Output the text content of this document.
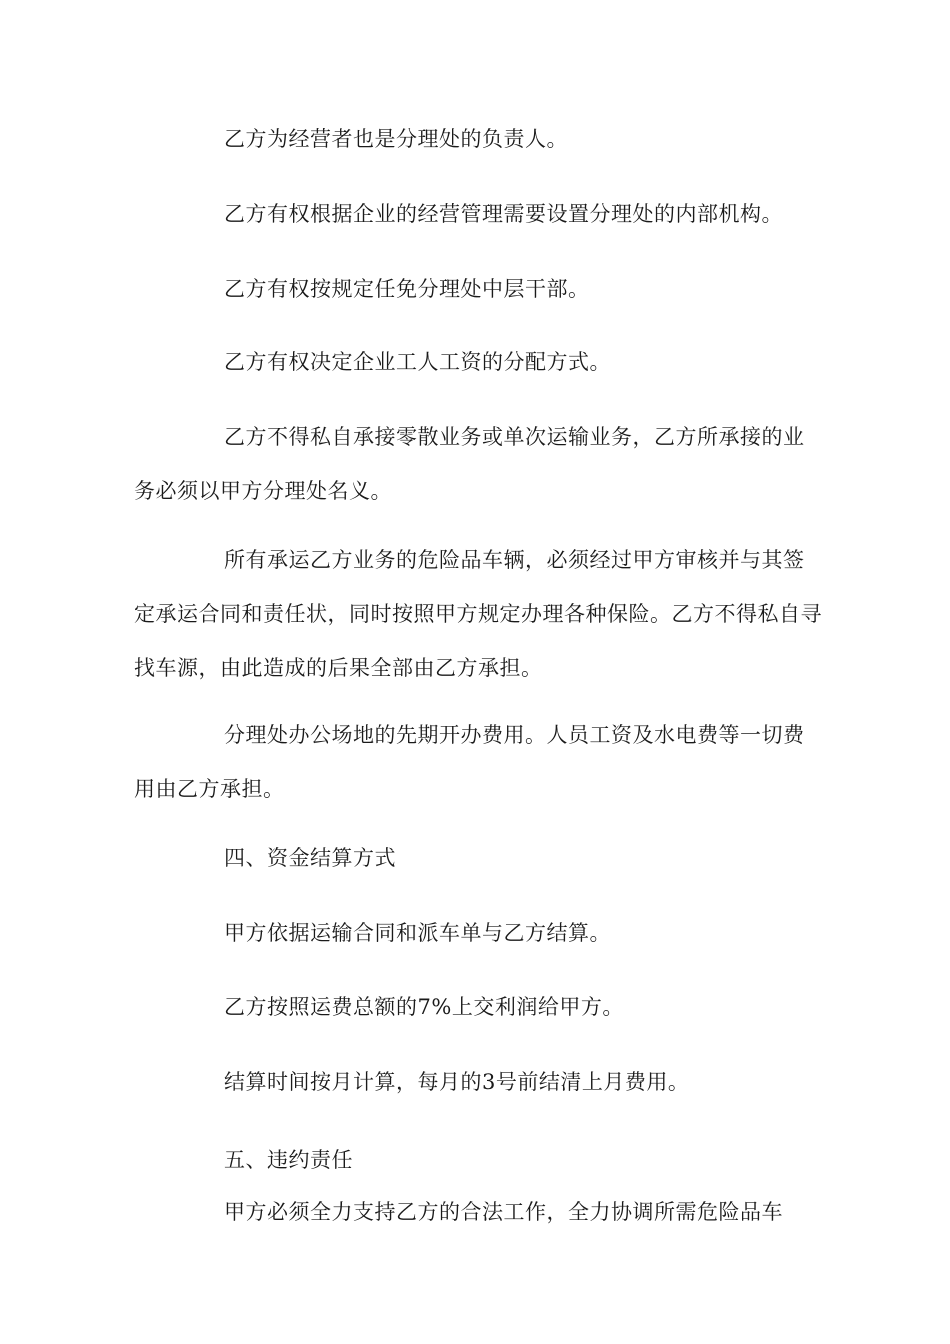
乙方为经营者也是分理处的负责人。

乙方有权根据企业的经营管理需要设置分理处的内部机构。

乙方有权按规定任免分理处中层干部。

乙方有权决定企业工人工资的分配方式。

乙方不得私自承接零散业务或单次运输业务，乙方所承接的业务必须以甲方分理处名义。

所有承运乙方业务的危险品车辆，必须经过甲方审核并与其签定承运合同和责任状，同时按照甲方规定办理各种保险。乙方不得私自寻找车源，由此造成的后果全部由乙方承担。

分理处办公场地的先期开办费用。人员工资及水电费等一切费用由乙方承担。

四、资金结算方式

甲方依据运输合同和派车单与乙方结算。

乙方按照运费总额的7%上交利润给甲方。

结算时间按月计算，每月的3号前结清上月费用。

五、违约责任

甲方必须全力支持乙方的合法工作，全力协调所需危险品车
